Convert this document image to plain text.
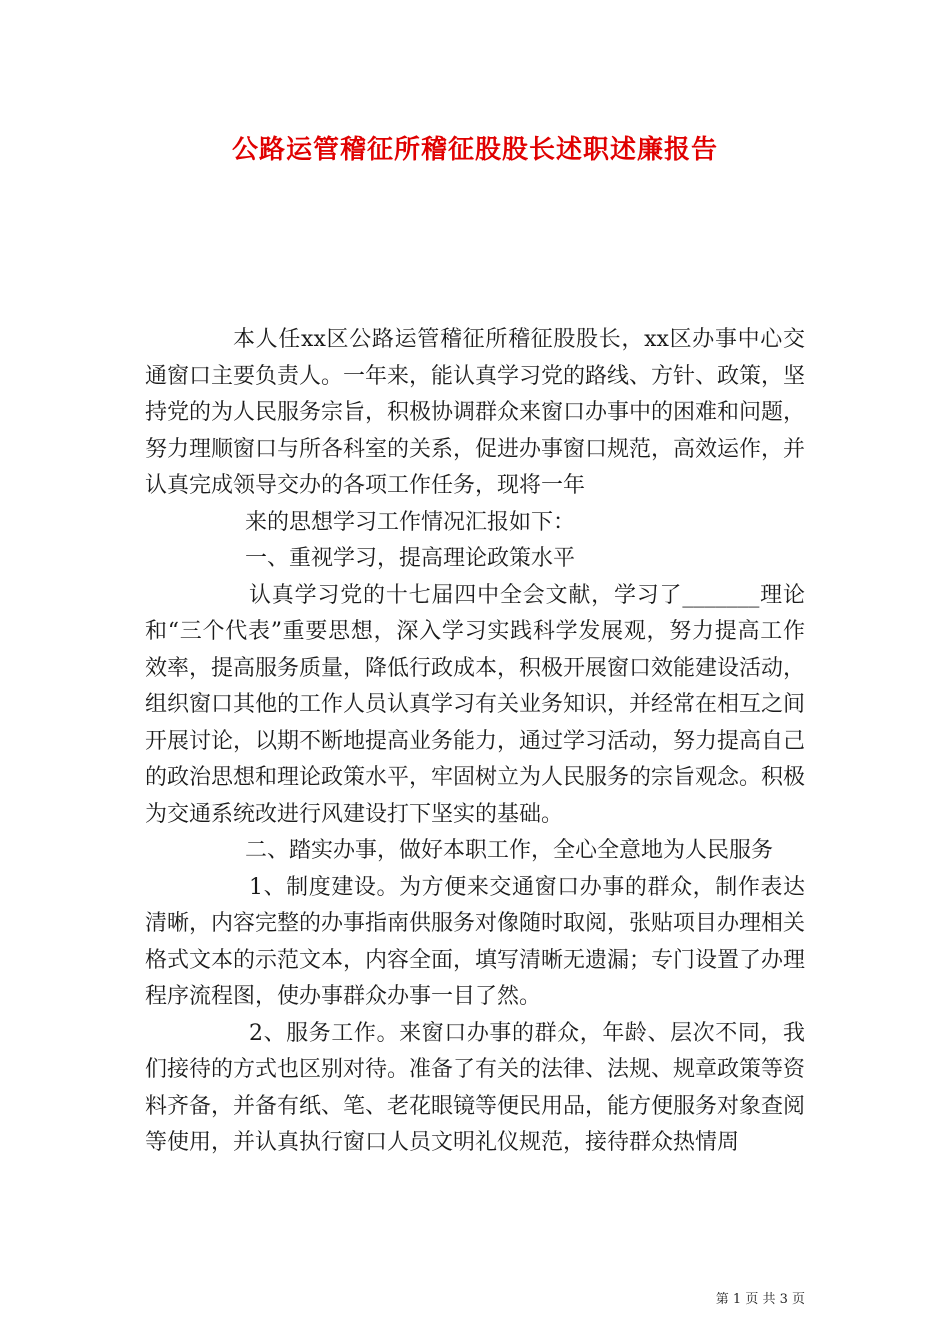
公路运管稽征所稽征股股长述职述廉报告

本人任xx区公路运管稽征所稽征股股长，xx区办事中心交通窗口主要负责人。一年来，能认真学习党的路线、方针、政策，坚持党的为人民服务宗旨，积极协调群众来窗口办事中的困难和问题，努力理顺窗口与所各科室的关系，促进办事窗口规范，高效运作，并认真完成领导交办的各项工作任务，现将一年

来的思想学习工作情况汇报如下：

一、重视学习，提高理论政策水平

认真学习党的十七届四中全会文献，学习了_______理论和“三个代表”重要思想，深入学习实践科学发展观，努力提高工作效率，提高服务质量，降低行政成本，积极开展窗口效能建设活动，组织窗口其他的工作人员认真学习有关业务知识，并经常在相互之间开展讨论，以期不断地提高业务能力，通过学习活动，努力提高自己的政治思想和理论政策水平，牢固树立为人民服务的宗旨观念。积极为交通系统改进行风建设打下坚实的基础。

二、踏实办事，做好本职工作，全心全意地为人民服务

1、制度建设。为方便来交通窗口办事的群众，制作表达清晰，内容完整的办事指南供服务对像随时取阅，张贴项目办理相关格式文本的示范文本，内容全面，填写清晰无遗漏；专门设置了办理程序流程图，使办事群众办事一目了然。

2、服务工作。来窗口办事的群众，年龄、层次不同，我们接待的方式也区别对待。准备了有关的法律、法规、规章政策等资料齐备，并备有纸、笔、老花眼镜等便民用品，能方便服务对象查阅等使用，并认真执行窗口人员文明礼仪规范，接待群众热情周

第 1 页 共 3 页
